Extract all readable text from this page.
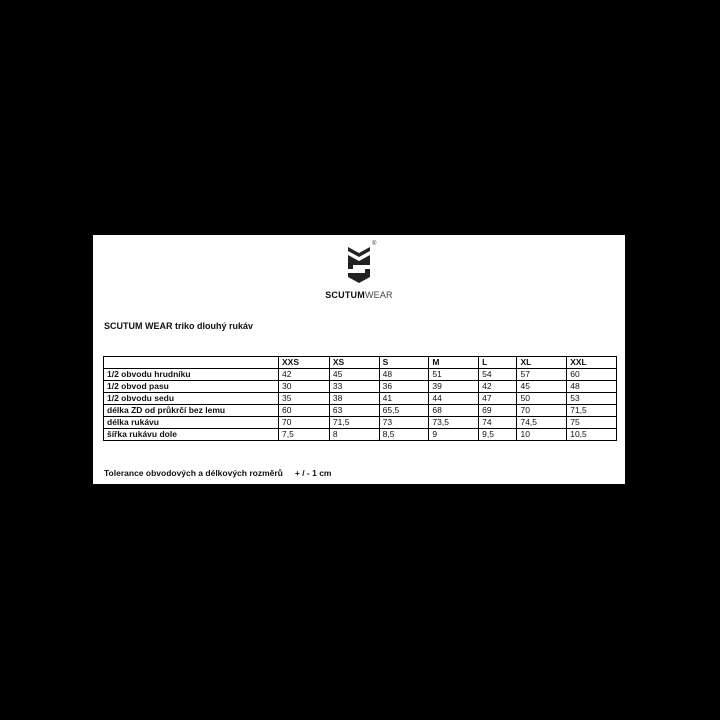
®
SCUTUMWEAR
SCUTUM WEAR triko dlouhý rukáv
	XXS	XS	S	M	L	XL	XXL
1/2 obvodu hrudníku	42	45	48	51	54	57	60
1/2 obvod pasu	30	33	36	39	42	45	48
1/2 obvodu sedu	35	38	41	44	47	50	53
délka ZD od průkrčí bez lemu	60	63	65,5	68	69	70	71,5
délka rukávu	70	71,5	73	73,5	74	74,5	75
šířka rukávu dole	7,5	8	8,5	9	9,5	10	10,5
Tolerance obvodových a délkových rozměrů + / - 1 cm
